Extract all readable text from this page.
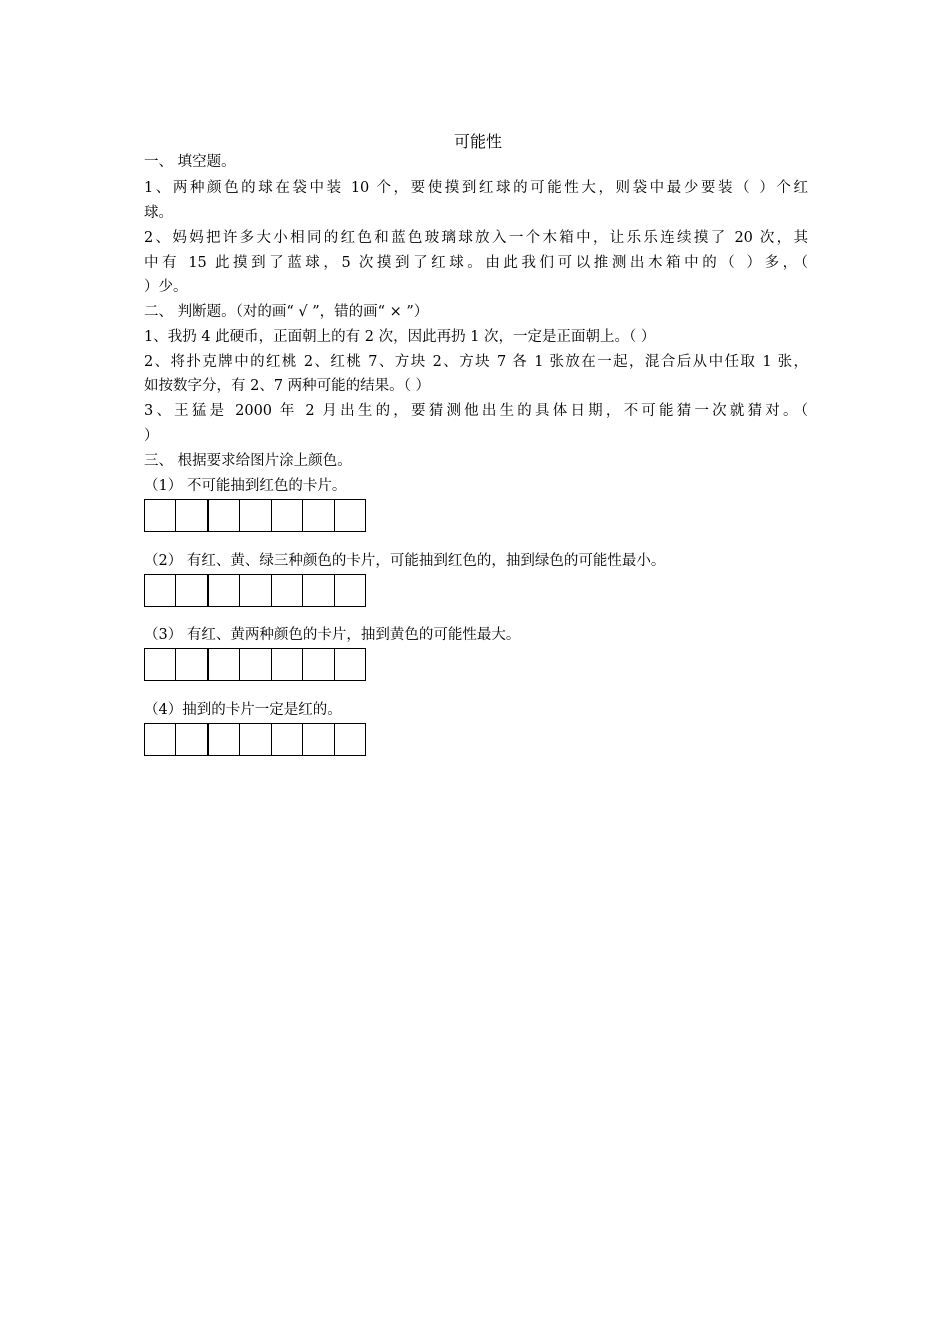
可能性
一、 填空题。
1、两种颜色的球在袋中装 10 个，要使摸到红球的可能性大，则袋中最少要装（ ）个红
球。
2、妈妈把许多大小相同的红色和蓝色玻璃球放入一个木箱中，让乐乐连续摸了 20 次，其
中有 15 此摸到了蓝球，5 次摸到了红球。由此我们可以推测出木箱中的（ ）多，（
）少。
二、 判断题。（对的画“ √ ”，错的画“ × ”）
1、我扔 4 此硬币，正面朝上的有 2 次，因此再扔 1 次，一定是正面朝上。（ ）
2、将扑克牌中的红桃 2、红桃 7、方块 2、方块 7 各 1 张放在一起，混合后从中任取 1 张，
如按数字分，有 2、7 两种可能的结果。（ ）
3、王猛是 2000 年 2 月出生的，要猜测他出生的具体日期，不可能猜一次就猜对。（
）
三、 根据要求给图片涂上颜色。
（1） 不可能抽到红色的卡片。
（2） 有红、黄、绿三种颜色的卡片，可能抽到红色的，抽到绿色的可能性最小。
（3） 有红、黄两种颜色的卡片，抽到黄色的可能性最大。
（4）抽到的卡片一定是红的。
